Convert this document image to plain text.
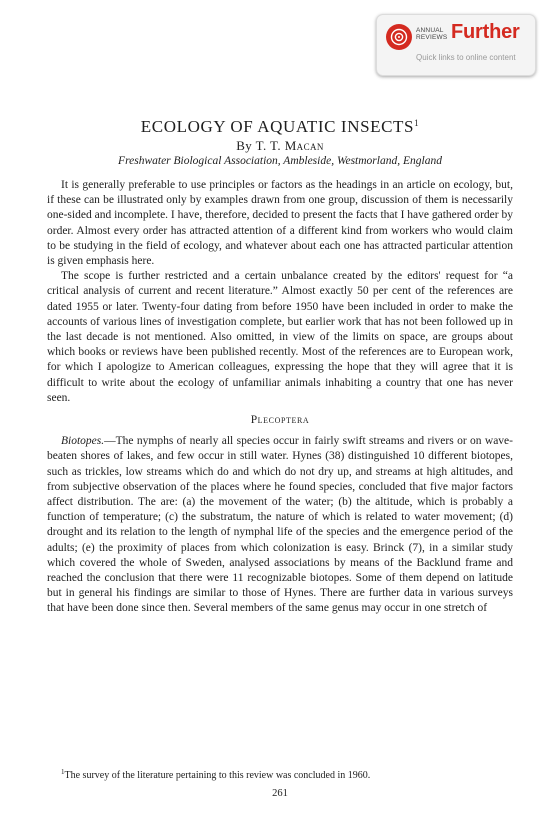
ANNUAL
REVIEWS Further
Quick links to online content
ECOLOGY OF AQUATIC INSECTS$^1$
By T. T. Macan
Freshwater Biological Association, Ambleside, Westmorland, England

It is generally preferable to use principles or factors as the headings in an article on ecology, but, if these can be illustrated only by examples drawn from one group, discussion of them is necessarily one-sided and incomplete. I have, therefore, decided to present the facts that I have gathered order by order. Almost every order has attracted attention of a different kind from workers who would claim to be studying in the field of ecology, and whatever about each one has attracted particular attention is given emphasis here.

The scope is further restricted and a certain unbalance created by the editors' request for “a critical analysis of current and recent literature.” Almost exactly 50 per cent of the references are dated 1955 or later. Twenty-four dating from before 1950 have been included in order to make the accounts of various lines of investigation complete, but earlier work that has not been followed up in the last decade is not mentioned. Also omitted, in view of the limits on space, are groups about which books or reviews have been published recently. Most of the references are to European work, for which I apologize to American colleagues, expressing the hope that they will agree that it is difficult to write about the ecology of unfamiliar animals inhabiting a country that one has never seen.

Plecoptera

Biotopes.—The nymphs of nearly all species occur in fairly swift streams and rivers or on wave-beaten shores of lakes, and few occur in still water. Hynes (38) distinguished 10 different biotopes, such as trickles, low streams which do and which do not dry up, and streams at high altitudes, and from subjective observation of the places where he found species, concluded that five major factors affect distribution. The are: (a) the movement of the water; (b) the altitude, which is probably a function of temperature; (c) the substratum, the nature of which is related to water movement; (d) drought and its relation to the length of nymphal life of the species and the emergence period of the adults; (e) the proximity of places from which colonization is easy. Brinck (7), in a similar study which covered the whole of Sweden, analysed associations by means of the Backlund frame and reached the conclusion that there were 11 recognizable biotopes. Some of them depend on latitude but in general his findings are similar to those of Hynes. There are further data in various surveys that have been done since then. Several members of the same genus may occur in one stretch of

$^1$The survey of the literature pertaining to this review was concluded in 1960.
261
